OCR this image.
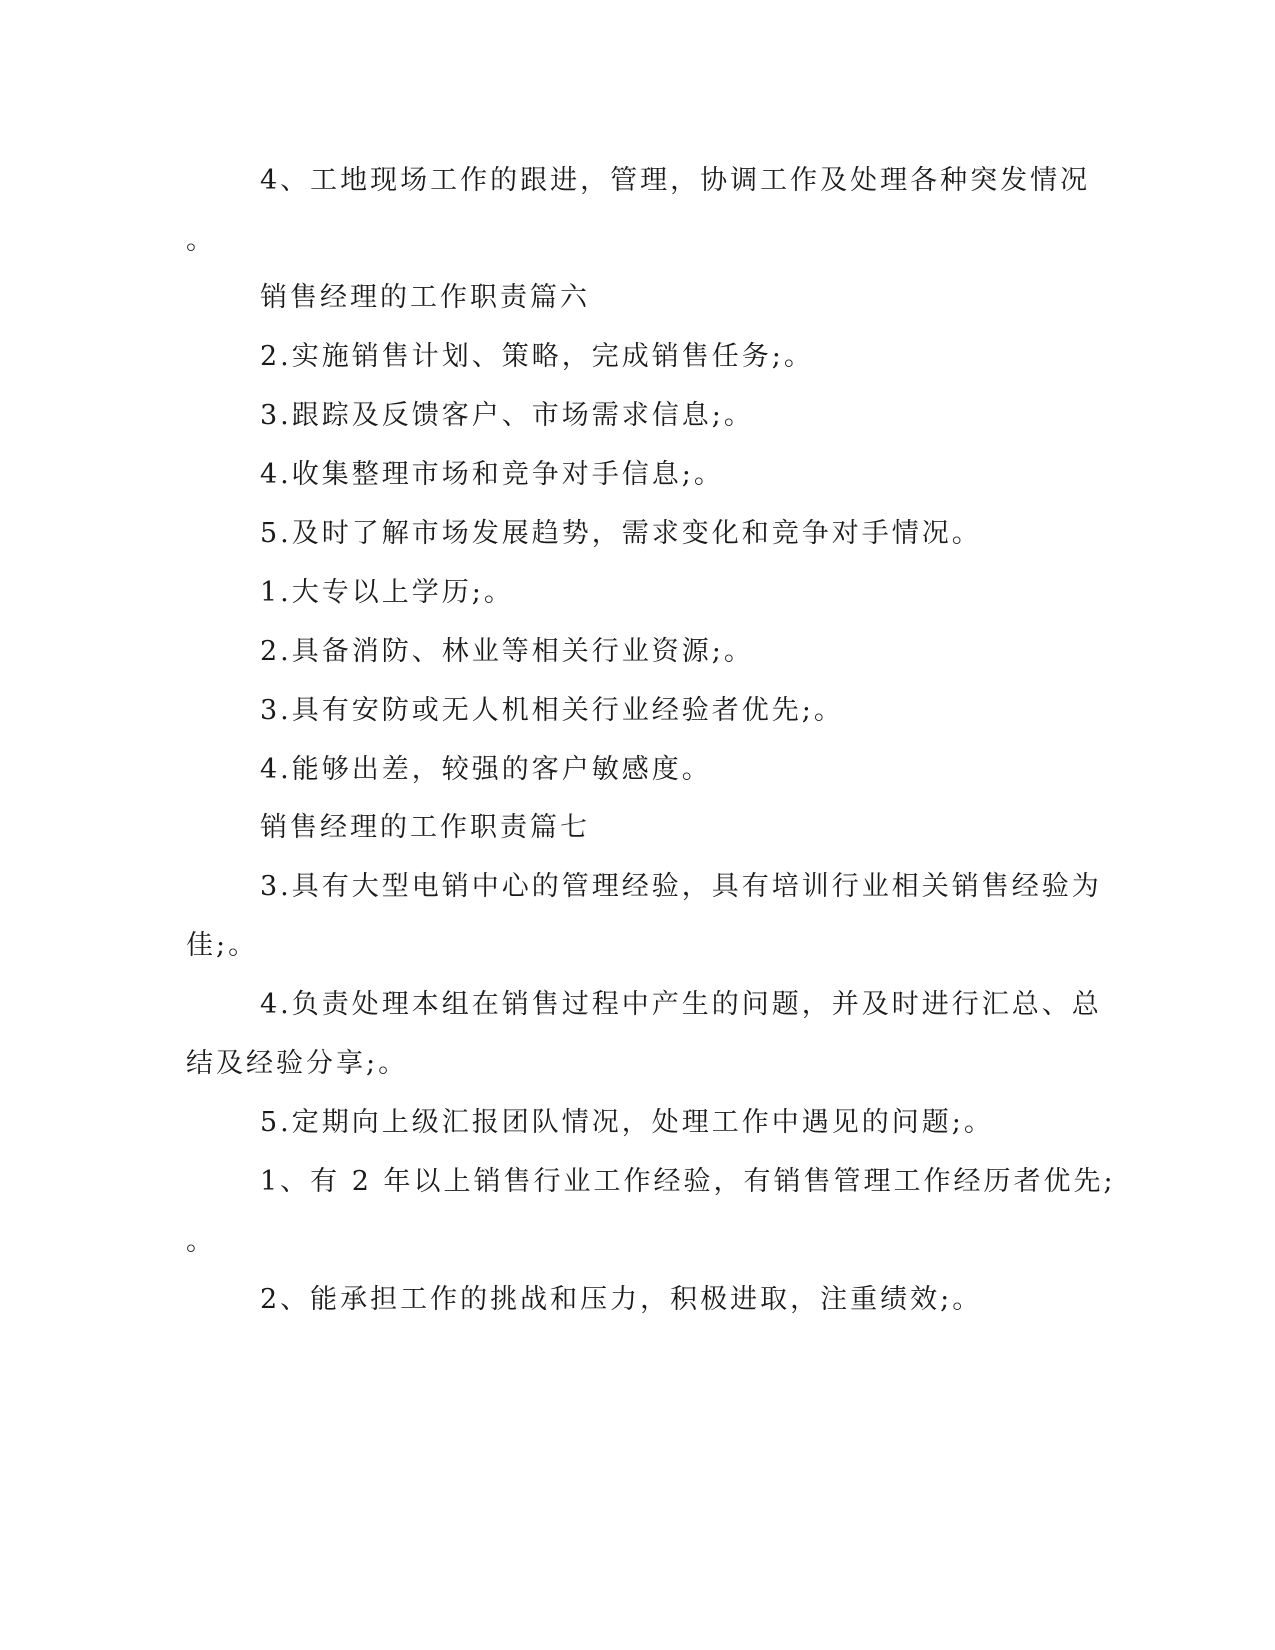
4、工地现场工作的跟进，管理，协调工作及处理各种突发情况
。
销售经理的工作职责篇六
2.实施销售计划、策略，完成销售任务;。
3.跟踪及反馈客户、市场需求信息;。
4.收集整理市场和竞争对手信息;。
5.及时了解市场发展趋势，需求变化和竞争对手情况。
1.大专以上学历;。
2.具备消防、林业等相关行业资源;。
3.具有安防或无人机相关行业经验者优先;。
4.能够出差，较强的客户敏感度。
销售经理的工作职责篇七
3.具有大型电销中心的管理经验，具有培训行业相关销售经验为
佳;。
4.负责处理本组在销售过程中产生的问题，并及时进行汇总、总
结及经验分享;。
5.定期向上级汇报团队情况，处理工作中遇见的问题;。
1、有 2 年以上销售行业工作经验，有销售管理工作经历者优先;
。
2、能承担工作的挑战和压力，积极进取，注重绩效;。
